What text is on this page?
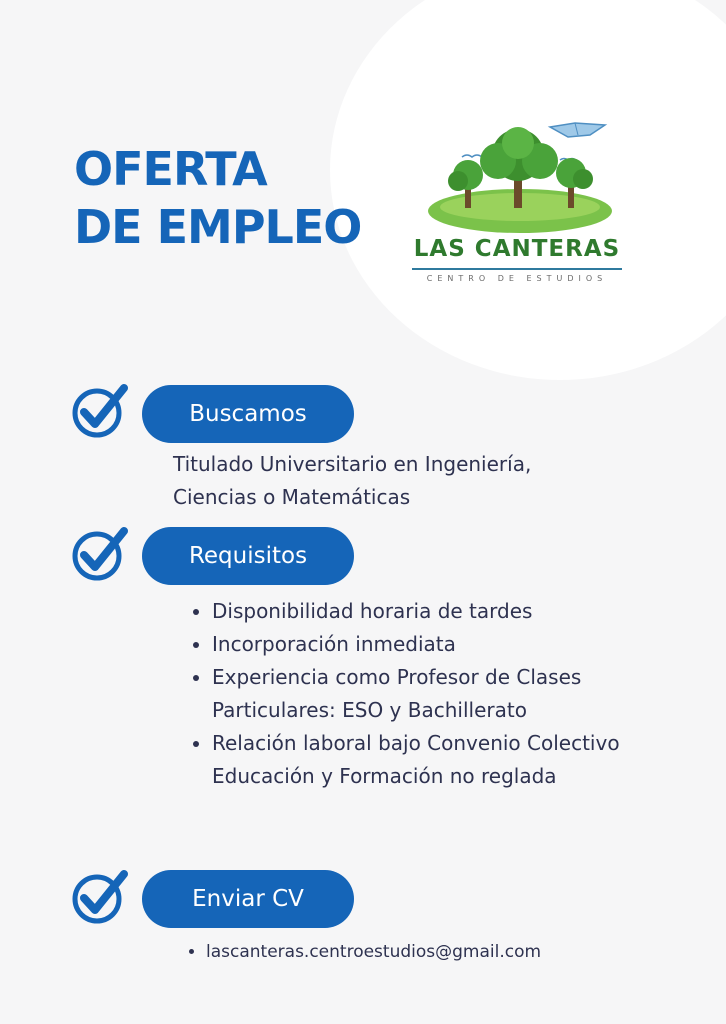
OFERTA
DE EMPLEO LAS CANTERAS
CENTRO DE ESTUDIOS
Buscamos

Titulado Universitario en Ingeniería,
Ciencias o Matemáticas

Requisitos
• Disponibilidad horaria de tardes
• Incorporación inmediata
• Experiencia como Profesor de Clases Particulares: ESO y Bachillerato
• Relación laboral bajo Convenio Colectivo Educación y Formación no reglada
Enviar CV
• lascanteras.centroestudios@gmail.com
